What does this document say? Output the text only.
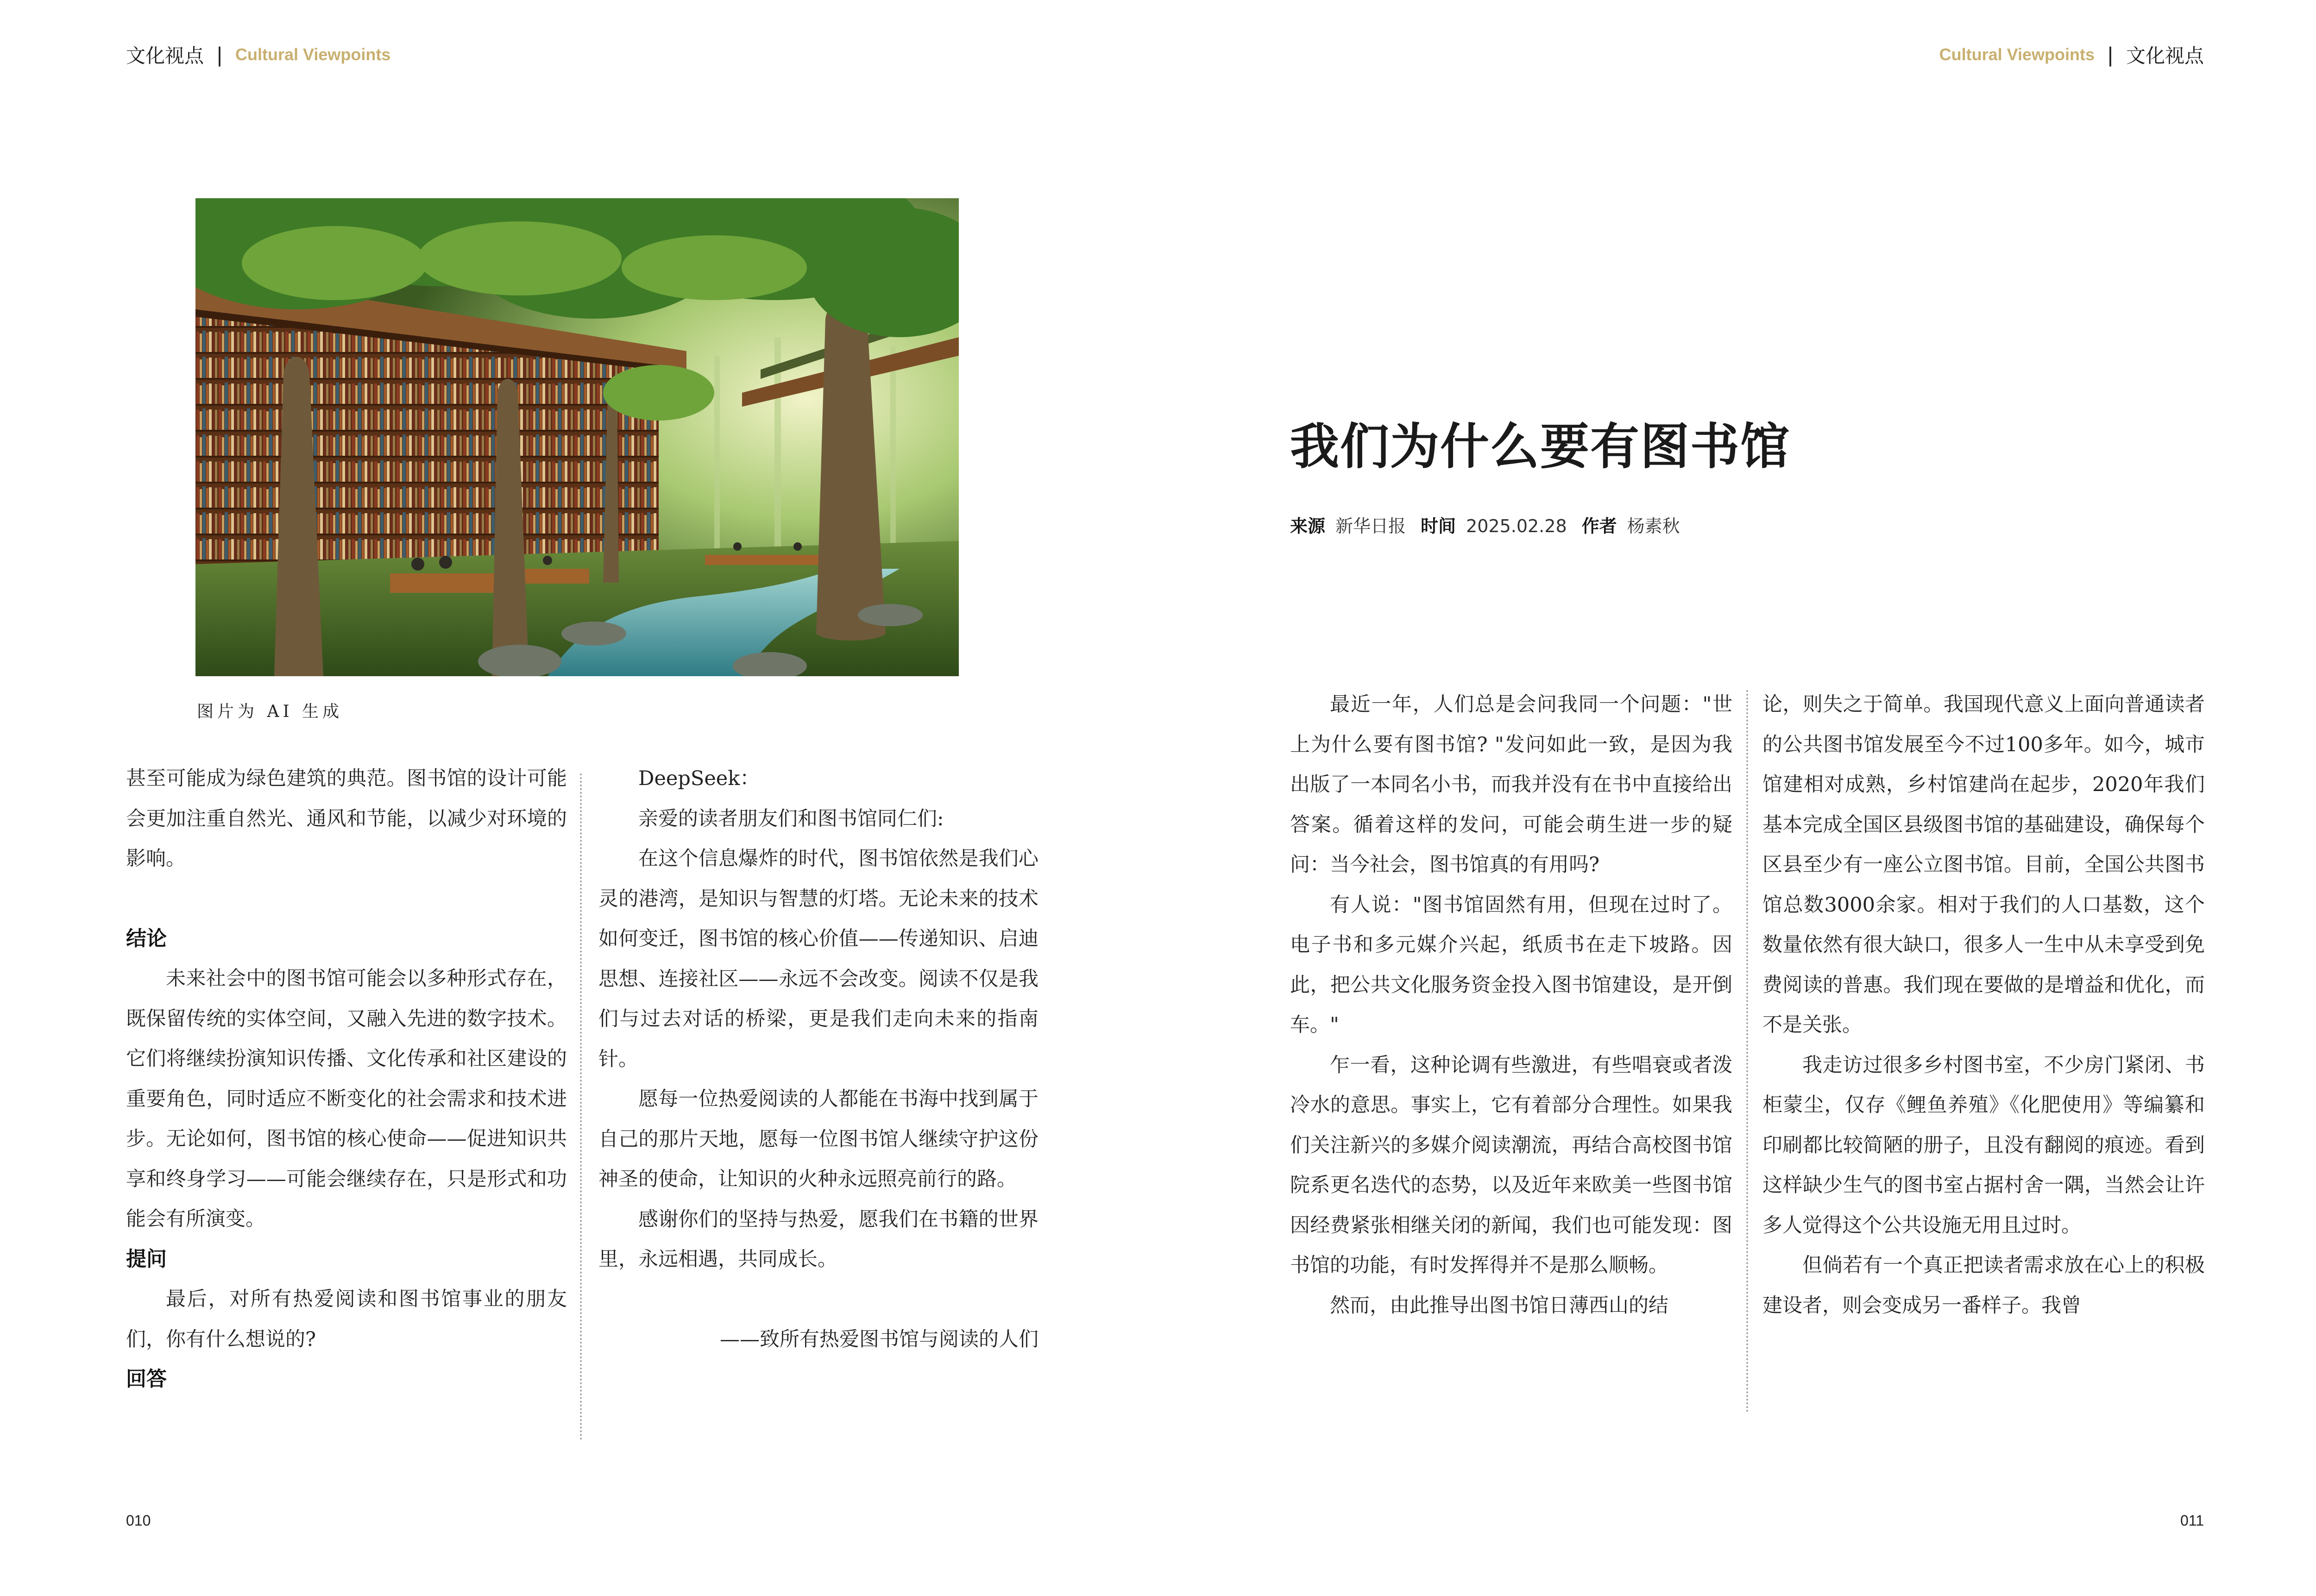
文化视点 | Cultural Viewpoints	Cultural Viewpoints | 文化视点
图片为 AI 生成

甚至可能成为绿色建筑的典范。图书馆的设计可能会更加注重自然光、通风和节能，以减少对环境的影响。

结论

未来社会中的图书馆可能会以多种形式存在，既保留传统的实体空间，又融入先进的数字技术。它们将继续扮演知识传播、文化传承和社区建设的重要角色，同时适应不断变化的社会需求和技术进步。无论如何，图书馆的核心使命——促进知识共享和终身学习——可能会继续存在，只是形式和功能会有所演变。

提问

最后，对所有热爱阅读和图书馆事业的朋友们，你有什么想说的?

回答

DeepSeek：

亲爱的读者朋友们和图书馆同仁们:

在这个信息爆炸的时代，图书馆依然是我们心灵的港湾，是知识与智慧的灯塔。无论未来的技术如何变迁，图书馆的核心价值——传递知识、启迪思想、连接社区——永远不会改变。阅读不仅是我们与过去对话的桥梁，更是我们走向未来的指南针。

愿每一位热爱阅读的人都能在书海中找到属于自己的那片天地，愿每一位图书馆人继续守护这份神圣的使命，让知识的火种永远照亮前行的路。

感谢你们的坚持与热爱，愿我们在书籍的世界里，永远相遇，共同成长。

——致所有热爱图书馆与阅读的人们

我们为什么要有图书馆
来源 新华日报 时间 2025.02.28 作者 杨素秋

最近一年，人们总是会问我同一个问题："世上为什么要有图书馆? "发问如此一致，是因为我出版了一本同名小书，而我并没有在书中直接给出答案。循着这样的发问，可能会萌生进一步的疑问：当今社会，图书馆真的有用吗?

有人说："图书馆固然有用，但现在过时了。电子书和多元媒介兴起，纸质书在走下坡路。因此，把公共文化服务资金投入图书馆建设，是开倒车。"

乍一看，这种论调有些激进，有些唱衰或者泼冷水的意思。事实上，它有着部分合理性。如果我们关注新兴的多媒介阅读潮流，再结合高校图书馆院系更名迭代的态势，以及近年来欧美一些图书馆因经费紧张相继关闭的新闻，我们也可能发现：图书馆的功能，有时发挥得并不是那么顺畅。

然而，由此推导出图书馆日薄西山的结

论，则失之于简单。我国现代意义上面向普通读者的公共图书馆发展至今不过100多年。如今，城市馆建相对成熟，乡村馆建尚在起步，2020年我们基本完成全国区县级图书馆的基础建设，确保每个区县至少有一座公立图书馆。目前，全国公共图书馆总数3000余家。相对于我们的人口基数，这个数量依然有很大缺口，很多人一生中从未享受到免费阅读的普惠。我们现在要做的是增益和优化，而不是关张。

我走访过很多乡村图书室，不少房门紧闭、书柜蒙尘，仅存《鲤鱼养殖》《化肥使用》等编纂和印刷都比较简陋的册子，且没有翻阅的痕迹。看到这样缺少生气的图书室占据村舍一隅，当然会让许多人觉得这个公共设施无用且过时。

但倘若有一个真正把读者需求放在心上的积极建设者，则会变成另一番样子。我曾

010	011
